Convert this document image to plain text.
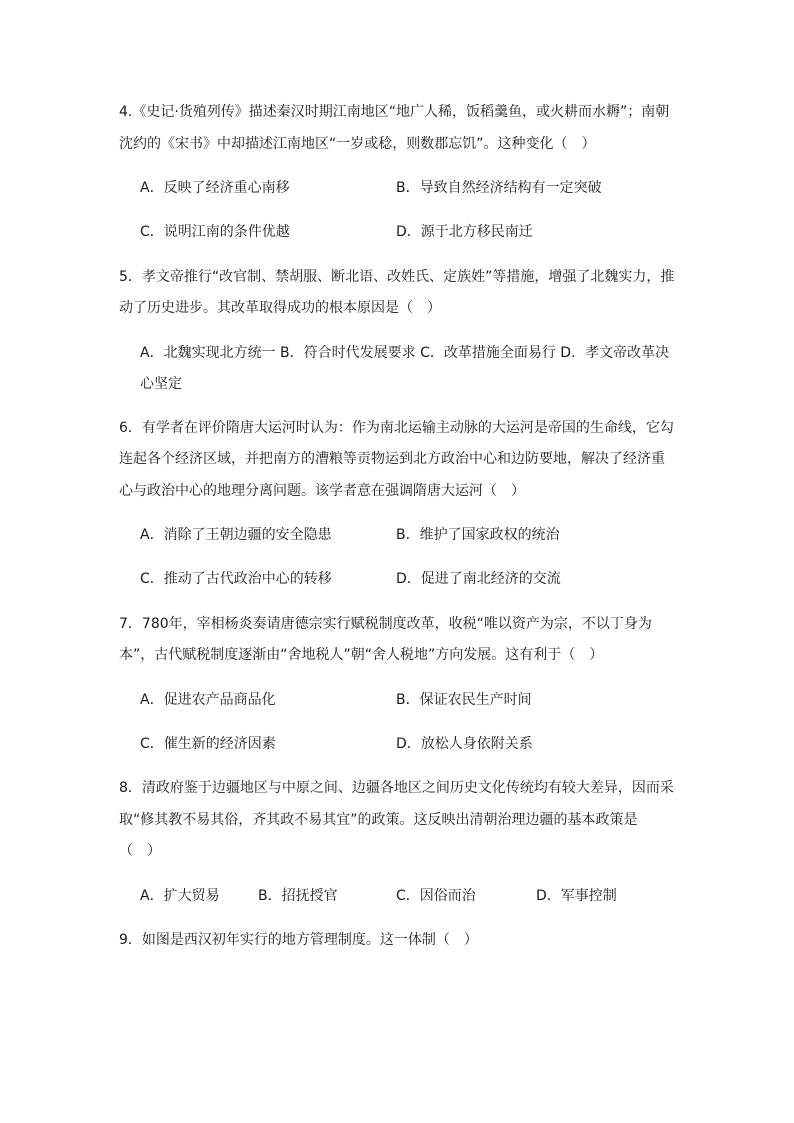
4.《史记·货殖列传》描述秦汉时期江南地区“地广人稀，饭稻羹鱼，或火耕而水耨”；南朝
沈约的《宋书》中却描述江南地区“一岁或稔，则数郡忘饥”。这种变化（　）
A．反映了经济重心南移	B．导致自然经济结构有一定突破
C．说明江南的条件优越	D．源于北方移民南迁
5．孝文帝推行“改官制、禁胡服、断北语、改姓氏、定族姓”等措施，增强了北魏实力，推
动了历史进步。其改革取得成功的根本原因是（　）
A．北魏实现北方统一 B．符合时代发展要求 C．改革措施全面易行 D．孝文帝改革决
心坚定
6．有学者在评价隋唐大运河时认为：作为南北运输主动脉的大运河是帝国的生命线，它勾
连起各个经济区域，并把南方的漕粮等贡物运到北方政治中心和边防要地，解决了经济重
心与政治中心的地理分离问题。该学者意在强调隋唐大运河（　）
A．消除了王朝边疆的安全隐患	B．维护了国家政权的统治
C．推动了古代政治中心的转移	D．促进了南北经济的交流
7．780年，宰相杨炎奏请唐德宗实行赋税制度改革，收税“唯以资产为宗，不以丁身为
本”，古代赋税制度逐渐由“舍地税人”朝“舍人税地”方向发展。这有利于（　）
A．促进农产品商品化	B．保证农民生产时间
C．催生新的经济因素	D．放松人身依附关系
8．清政府鉴于边疆地区与中原之间、边疆各地区之间历史文化传统均有较大差异，因而采
取“修其教不易其俗，齐其政不易其宜”的政策。这反映出清朝治理边疆的基本政策是
（　）
A．扩大贸易	B．招抚授官	C．因俗而治	D．军事控制
9．如图是西汉初年实行的地方管理制度。这一体制（　）
